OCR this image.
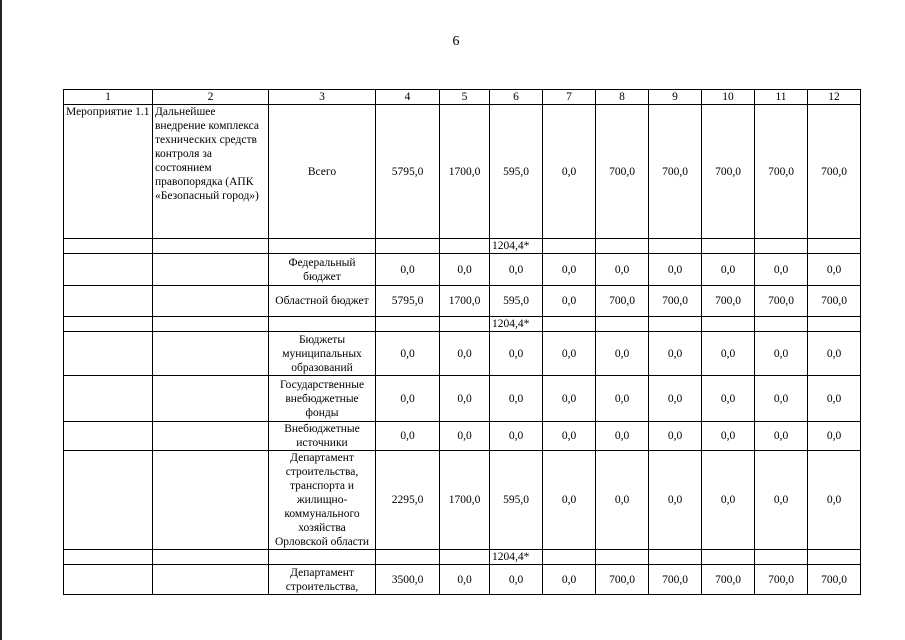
6
1	2	3	4	5	6	7	8	9	10	11	12
Мероприятие 1.1	Дальнейшее внедрение комплекса технических средств контроля за состоянием правопорядка (АПК «Безопасный город»)	Всего	5795,0	1700,0	595,0	0,0	700,0	700,0	700,0	700,0	700,0
					1204,4*						
		Федеральный бюджет	0,0	0,0	0,0	0,0	0,0	0,0	0,0	0,0	0,0
		Областной бюджет	5795,0	1700,0	595,0	0,0	700,0	700,0	700,0	700,0	700,0
					1204,4*						
		Бюджеты муниципальных образований	0,0	0,0	0,0	0,0	0,0	0,0	0,0	0,0	0,0
		Государственные внебюджетные фонды	0,0	0,0	0,0	0,0	0,0	0,0	0,0	0,0	0,0
		Внебюджетные источники	0,0	0,0	0,0	0,0	0,0	0,0	0,0	0,0	0,0
		Департамент строительства, транспорта и жилищно-коммунального хозяйства Орловской области	2295,0	1700,0	595,0	0,0	0,0	0,0	0,0	0,0	0,0
					1204,4*						
		Департамент строительства,	3500,0	0,0	0,0	0,0	700,0	700,0	700,0	700,0	700,0
